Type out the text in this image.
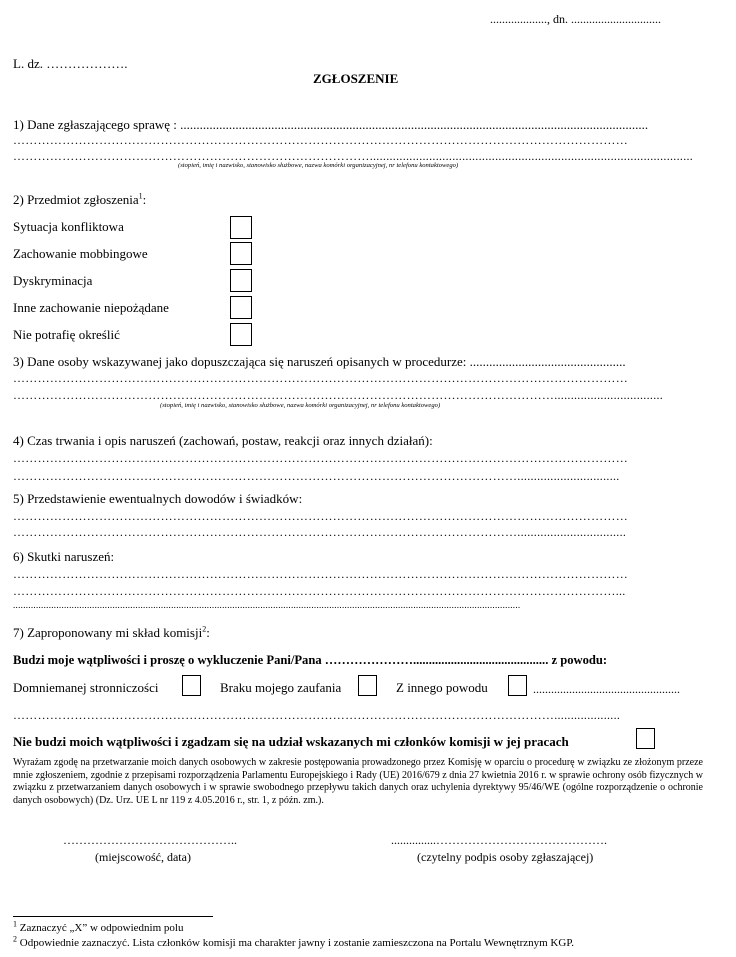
..................., dn. ..............................
L. dz. ……………….
ZGŁOSZENIE
1) Dane zgłaszającego sprawę : ................................................................................................................................................
……………………………………………………………………………………………………………………………………
……………………………………………………………………………..................................................................................................
(stopień, imię i nazwisko, stanowisko służbowe, nazwa komórki organizacyjnej, nr telefonu kontaktowego)
2) Przedmiot zgłoszenia$^1$:
Sytuacja konfliktowa
Zachowanie mobbingowe
Dyskryminacja
Inne zachowanie niepożądane
Nie potrafię określić
3) Dane osoby wskazywanej jako dopuszczająca się naruszeń opisanych w procedurze: ................................................
……………………………………………………………………………………………………………………………………
…………………………………………………………………………………………………………………….................................
(stopień, imię i nazwisko, stanowisko służbowe, nazwa komórki organizacyjnej, nr telefonu kontaktowego)
4) Czas trwania i opis naruszeń (zachowań, postaw, reakcji oraz innych działań):
……………………………………………………………………………………………………………………………………
……………………………………………………………………………………………………………...............................ﾠ
5) Przedstawienie ewentualnych dowodów i świadków:
……………………………………………………………………………………………………………………………………
…………………………………………………………………………………………………………….................................
6) Skutki naruszeń:
……………………………………………………………………………………………………………………………………
…………………………………………………………………………………………………………………………………...
.......................................................................................................................................................................................................
7) Zaproponowany mi skład komisji$^2$:
Budzi moje wątpliwości i proszę o wykluczenie Pani/Pana …………………........................................... z powodu:
Domniemanej stronniczości	Braku mojego zaufania	Z innego powodu	.................................................
……………………………………………………………………………………………………………………....................
Nie budzi moich wątpliwości i zgadzam się na udział wskazanych mi członków komisji w jej pracach
Wyrażam zgodę na przetwarzanie moich danych osobowych w zakresie postępowania prowadzonego przez Komisję w oparciu o procedurę w związku ze złożonym przeze mnie zgłoszeniem, zgodnie z przepisami rozporządzenia Parlamentu Europejskiego i Rady (UE) 2016/679 z dnia 27 kwietnia 2016 r. w sprawie ochrony osób fizycznych w związku z przetwarzaniem danych osobowych i w sprawie swobodnego przepływu takich danych oraz uchylenia dyrektywy 95/46/WE (ogólne rozporządzenie o ochronie danych osobowych) (Dz. Urz. UE L nr 119 z 4.05.2016 r., str. 1, z późn. zm.).
……………………………………..
(miejscowość, data)
...............…………………………………….
(czytelny podpis osoby zgłaszającej)
$^1$ Zaznaczyć „X” w odpowiednim polu
$^2$ Odpowiednie zaznaczyć. Lista członków komisji ma charakter jawny i zostanie zamieszczona na Portalu Wewnętrznym KGP.
